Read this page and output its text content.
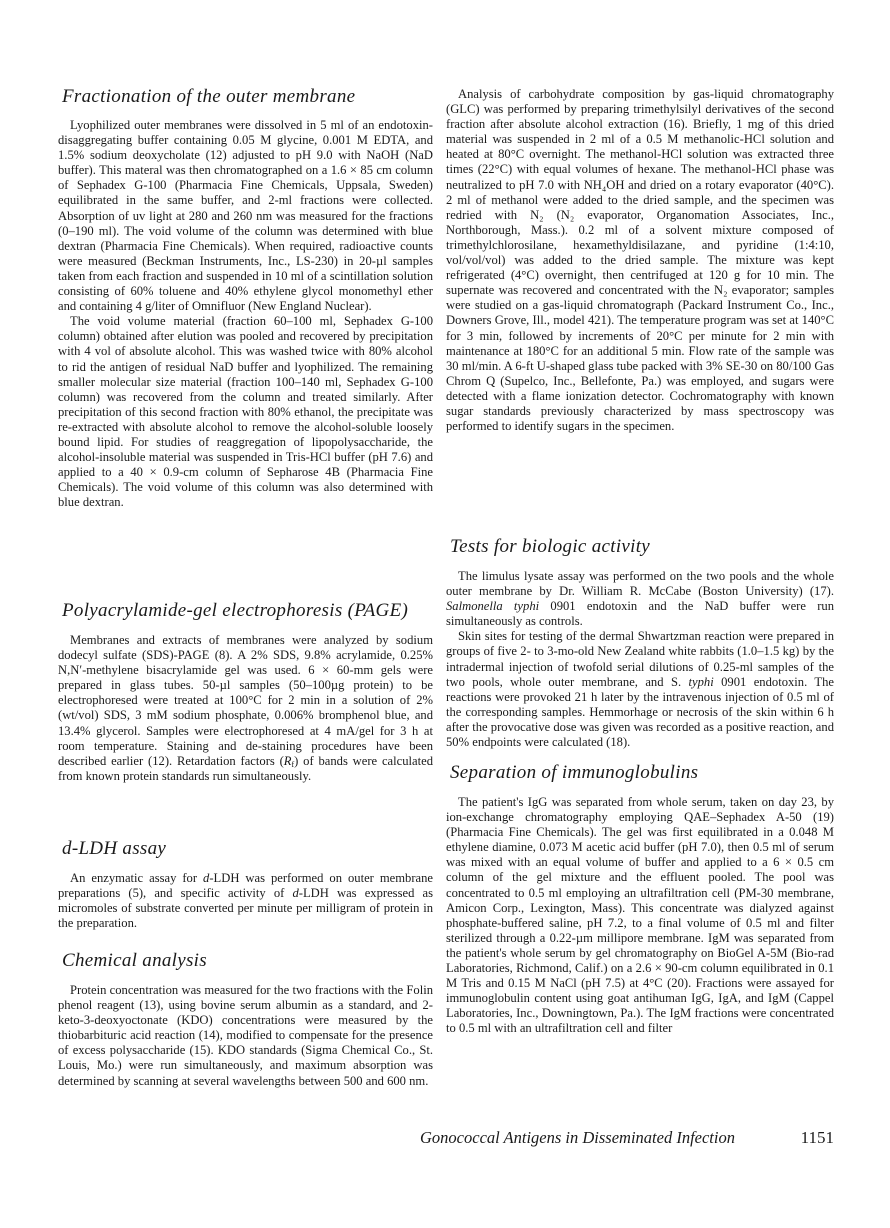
Fractionation of the outer membrane

Lyophilized outer membranes were dissolved in 5 ml of an endotoxin-disaggregating buffer containing 0.05 M glycine, 0.001 M EDTA, and 1.5% sodium deoxycholate (12) adjusted to pH 9.0 with NaOH (NaD buffer). This materal was then chromatographed on a 1.6 × 85 cm column of Sephadex G-100 (Pharmacia Fine Chemicals, Uppsala, Sweden) equilibrated in the same buffer, and 2-ml fractions were collected. Absorption of uv light at 280 and 260 nm was measured for the fractions (0–190 ml). The void volume of the column was determined with blue dextran (Pharmacia Fine Chemicals). When required, radioactive counts were measured (Beckman Instruments, Inc., LS-230) in 20-µl samples taken from each fraction and suspended in 10 ml of a scintillation solution consisting of 60% toluene and 40% ethylene glycol monomethyl ether and containing 4 g/liter of Omnifluor (New England Nuclear).

The void volume material (fraction 60–100 ml, Sephadex G-100 column) obtained after elution was pooled and recovered by precipitation with 4 vol of absolute alcohol. This was washed twice with 80% alcohol to rid the antigen of residual NaD buffer and lyophilized. The remaining smaller molecular size material (fraction 100–140 ml, Sephadex G-100 column) was recovered from the column and treated similarly. After precipitation of this second fraction with 80% ethanol, the precipitate was re-extracted with absolute alcohol to remove the alcohol-soluble loosely bound lipid. For studies of reaggregation of lipopolysaccharide, the alcohol-insoluble material was suspended in Tris-HCl buffer (pH 7.6) and applied to a 40 × 0.9-cm column of Sepharose 4B (Pharmacia Fine Chemicals). The void volume of this column was also determined with blue dextran.

Polyacrylamide-gel electrophoresis (PAGE)

Membranes and extracts of membranes were analyzed by sodium dodecyl sulfate (SDS)-PAGE (8). A 2% SDS, 9.8% acrylamide, 0.25% N,N′-methylene bisacrylamide gel was used. 6 × 60-mm gels were prepared in glass tubes. 50-µl samples (50–100µg protein) to be electrophoresed were treated at 100°C for 2 min in a solution of 2% (wt/vol) SDS, 3 mM sodium phosphate, 0.006% bromphenol blue, and 13.4% glycerol. Samples were electrophoresed at 4 mA/gel for 3 h at room temperature. Staining and de-staining procedures have been described earlier (12). Retardation factors $(R_f)$ of bands were calculated from known protein standards run simultaneously.

d-LDH assay

An enzymatic assay for d-LDH was performed on outer membrane preparations (5), and specific activity of d-LDH was expressed as micromoles of substrate converted per minute per milligram of protein in the preparation.

Chemical analysis

Protein concentration was measured for the two fractions with the Folin phenol reagent (13), using bovine serum albumin as a standard, and 2-keto-3-deoxyoctonate (KDO) concentrations were measured by the thiobarbituric acid reaction (14), modified to compensate for the presence of excess polysaccharide (15). KDO standards (Sigma Chemical Co., St. Louis, Mo.) were run simultaneously, and maximum absorption was determined by scanning at several wavelengths between 500 and 600 nm.

Analysis of carbohydrate composition by gas-liquid chromatography (GLC) was performed by preparing trimethylsilyl derivatives of the second fraction after absolute alcohol extraction (16). Briefly, 1 mg of this dried material was suspended in 2 ml of a 0.5 M methanolic-HCl solution and heated at 80°C overnight. The methanol-HCl solution was extracted three times (22°C) with equal volumes of hexane. The methanol-HCl phase was neutralized to pH 7.0 with NH₄OH and dried on a rotary evaporator (40°C). 2 ml of methanol were added to the dried sample, and the specimen was redried with N₂ (N₂ evaporator, Organomation Associates, Inc., Northborough, Mass.). 0.2 ml of a solvent mixture composed of trimethylchlorosilane, hexamethyldisilazane, and pyridine (1:4:10, vol/vol/vol) was added to the dried sample. The mixture was kept refrigerated (4°C) overnight, then centrifuged at 120 g for 10 min. The supernate was recovered and concentrated with the N₂ evaporator; samples were studied on a gas-liquid chromatograph (Packard Instrument Co., Inc., Downers Grove, Ill., model 421). The temperature program was set at 140°C for 3 min, followed by increments of 20°C per minute for 2 min with maintenance at 180°C for an additional 5 min. Flow rate of the sample was 30 ml/min. A 6-ft U-shaped glass tube packed with 3% SE-30 on 80/100 Gas Chrom Q (Supelco, Inc., Bellefonte, Pa.) was employed, and sugars were detected with a flame ionization detector. Cochromatography with known sugar standards previously characterized by mass spectroscopy was performed to identify sugars in the specimen.

Tests for biologic activity

The limulus lysate assay was performed on the two pools and the whole outer membrane by Dr. William R. McCabe (Boston University) (17). Salmonella typhi 0901 endotoxin and the NaD buffer were run simultaneously as controls.

Skin sites for testing of the dermal Shwartzman reaction were prepared in groups of five 2- to 3-mo-old New Zealand white rabbits (1.0–1.5 kg) by the intradermal injection of twofold serial dilutions of 0.25-ml samples of the two pools, whole outer membrane, and S. typhi 0901 endotoxin. The reactions were provoked 21 h later by the intravenous injection of 0.5 ml of the corresponding samples. Hemmorhage or necrosis of the skin within 6 h after the provocative dose was given was recorded as a positive reaction, and 50% endpoints were calculated (18).

Separation of immunoglobulins

The patient's IgG was separated from whole serum, taken on day 23, by ion-exchange chromatography employing QAE–Sephadex A-50 (19) (Pharmacia Fine Chemicals). The gel was first equilibrated in a 0.048 M ethylene diamine, 0.073 M acetic acid buffer (pH 7.0), then 0.5 ml of serum was mixed with an equal volume of buffer and applied to a 6 × 0.5 cm column of the gel mixture and the effluent pooled. The pool was concentrated to 0.5 ml employing an ultrafiltration cell (PM-30 membrane, Amicon Corp., Lexington, Mass). This concentrate was dialyzed against phosphate-buffered saline, pH 7.2, to a final volume of 0.5 ml and filter sterilized through a 0.22-µm millipore membrane. IgM was separated from the patient's whole serum by gel chromatography on BioGel A-5M (Bio-rad Laboratories, Richmond, Calif.) on a 2.6 × 90-cm column equilibrated in 0.1 M Tris and 0.15 M NaCl (pH 7.5) at 4°C (20). Fractions were assayed for immunoglobulin content using goat antihuman IgG, IgA, and IgM (Cappel Laboratories, Inc., Downingtown, Pa.). The IgM fractions were concentrated to 0.5 ml with an ultrafiltration cell and filter

Gonococcal Antigens in Disseminated Infection	1151
